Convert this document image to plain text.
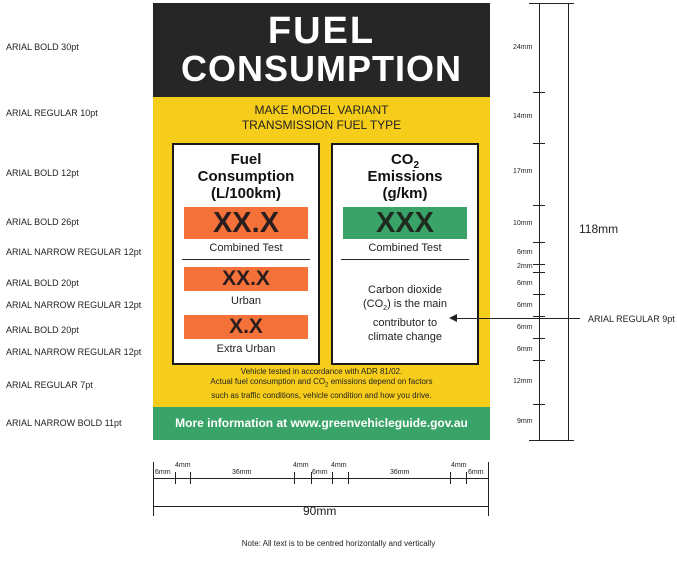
ARIAL BOLD 30pt
ARIAL REGULAR 10pt
ARIAL BOLD 12pt
ARIAL BOLD 26pt
ARIAL NARROW REGULAR 12pt
ARIAL BOLD 20pt
ARIAL NARROW REGULAR 12pt
ARIAL BOLD 20pt
ARIAL NARROW REGULAR 12pt
ARIAL REGULAR 7pt
ARIAL NARROW BOLD 11pt
FUEL
CONSUMPTION
MAKE MODEL VARIANT
TRANSMISSION FUEL TYPE
Fuel
Consumption
(L/100km)
XX.X
Combined Test
XX.X
Urban
X.X
Extra Urban
$CO_2$
Emissions
(g/km)
XXX
Combined Test
Carbon dioxide
$(CO_2)$ is the main
contributor to
climate change
Vehicle tested in accordance with ADR 81/02.
Actual fuel consumption and $CO_2$ emissions depend on factors
such as traffic conditions, vehicle condition and how you drive.
More information at www.greenvehicleguide.gov.au
24mm
14mm
17mm
10mm
6mm
2mm
6mm
6mm
6mm
6mm
12mm
9mm
118mm
ARIAL REGULAR 9pt
6mm
4mm
36mm
4mm
6mm
4mm
36mm
4mm
6mm
90mm
Note: All text is to be centred horizontally and vertically
